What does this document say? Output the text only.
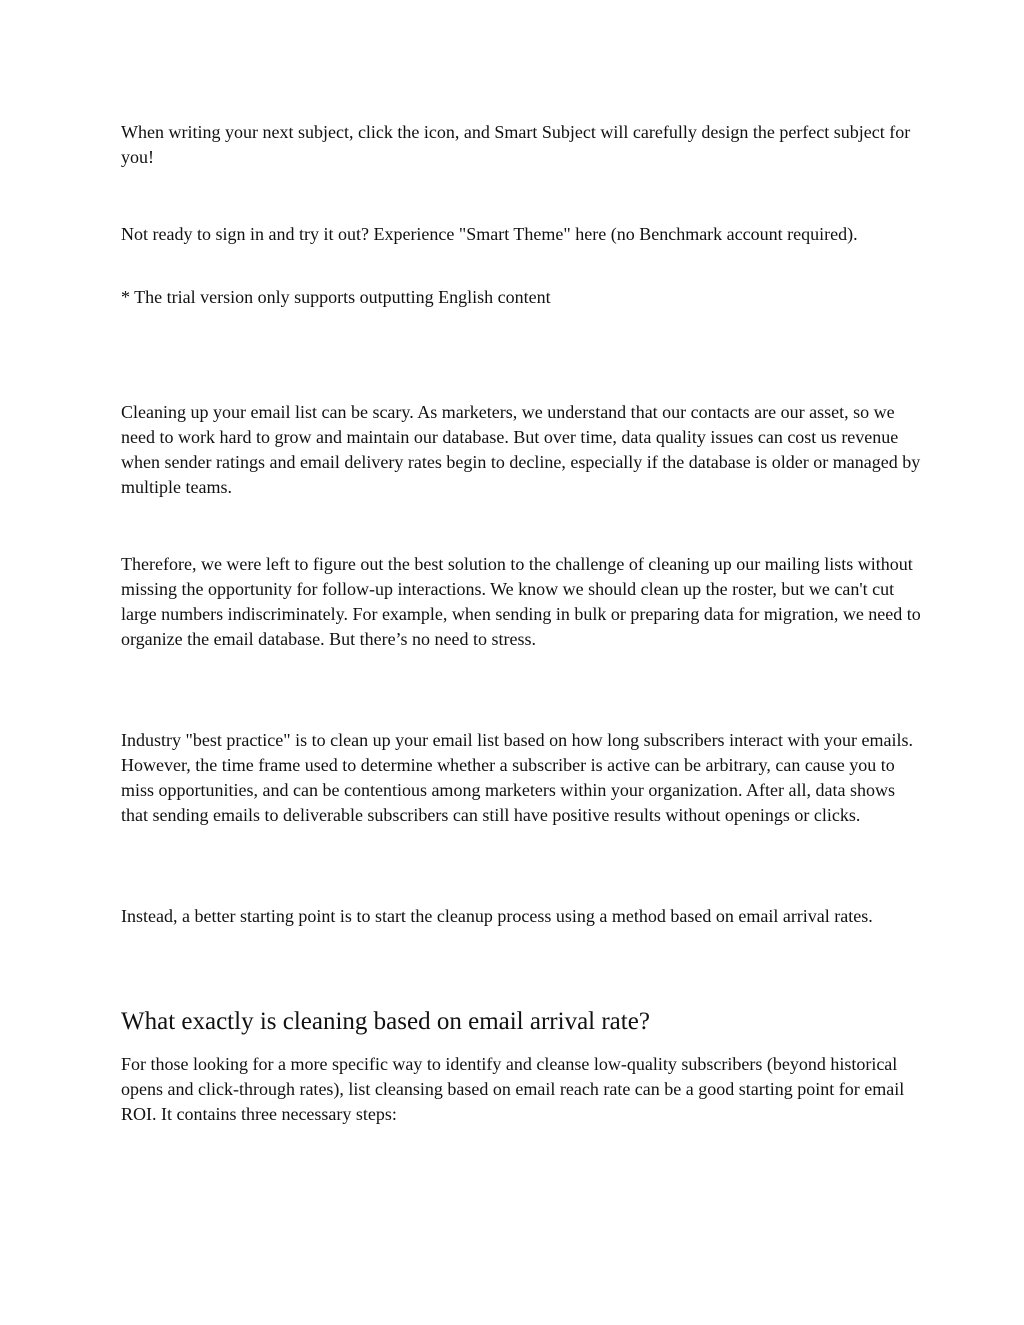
When writing your next subject, click the icon, and Smart Subject will carefully design the perfect subject for you!

Not ready to sign in and try it out? Experience "Smart Theme" here (no Benchmark account required).

* The trial version only supports outputting English content

Cleaning up your email list can be scary. As marketers, we understand that our contacts are our asset, so we need to work hard to grow and maintain our database. But over time, data quality issues can cost us revenue when sender ratings and email delivery rates begin to decline, especially if the database is older or managed by multiple teams.

Therefore, we were left to figure out the best solution to the challenge of cleaning up our mailing lists without missing the opportunity for follow-up interactions. We know we should clean up the roster, but we can't cut large numbers indiscriminately. For example, when sending in bulk or preparing data for migration, we need to organize the email database. But there’s no need to stress.

Industry "best practice" is to clean up your email list based on how long subscribers interact with your emails. However, the time frame used to determine whether a subscriber is active can be arbitrary, can cause you to miss opportunities, and can be contentious among marketers within your organization. After all, data shows that sending emails to deliverable subscribers can still have positive results without openings or clicks.

Instead, a better starting point is to start the cleanup process using a method based on email arrival rates.

What exactly is cleaning based on email arrival rate?

For those looking for a more specific way to identify and cleanse low-quality subscribers (beyond historical opens and click-through rates), list cleansing based on email reach rate can be a good starting point for email ROI. It contains three necessary steps:
